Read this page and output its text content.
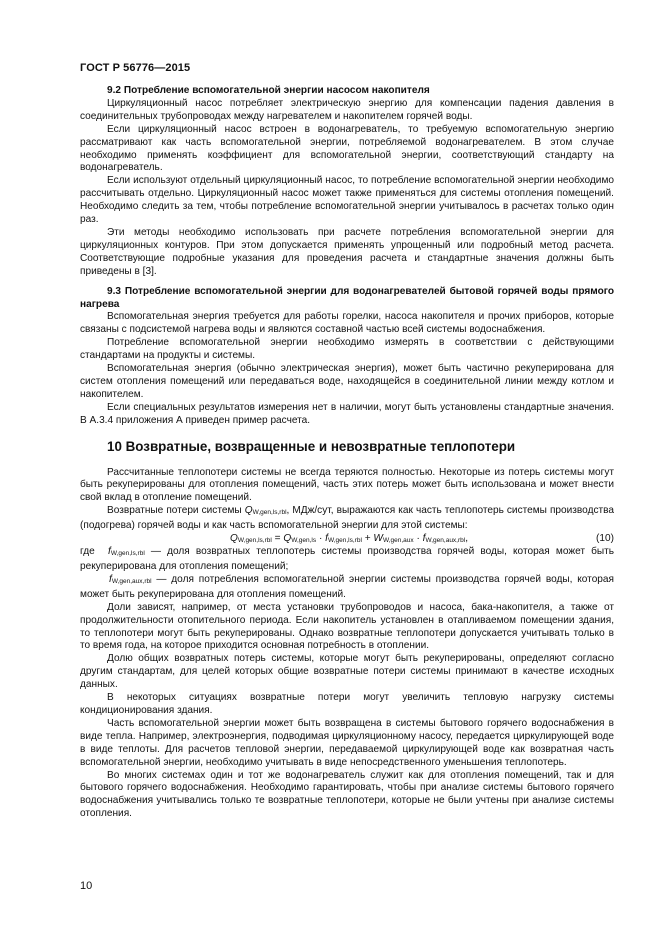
ГОСТ Р 56776—2015
9.2 Потребление вспомогательной энергии насосом накопителя

Циркуляционный насос потребляет электрическую энергию для компенсации падения давления в соединительных трубопроводах между нагревателем и накопителем горячей воды.

Если циркуляционный насос встроен в водонагреватель, то требуемую вспомогательную энергию рассматривают как часть вспомогательной энергии, потребляемой водонагревателем. В этом случае необходимо применять коэффициент для вспомогательной энергии, соответствующий стандарту на водонагреватель.

Если используют отдельный циркуляционный насос, то потребление вспомогательной энергии необходимо рассчитывать отдельно. Циркуляционный насос может также применяться для системы отопления помещений. Необходимо следить за тем, чтобы потребление вспомогательной энергии учитывалось в расчетах только один раз.

Эти методы необходимо использовать при расчете потребления вспомогательной энергии для циркуляционных контуров. При этом допускается применять упрощенный или подробный метод расчета. Соответствующие подробные указания для проведения расчета и стандартные значения должны быть приведены в [3].

9.3 Потребление вспомогательной энергии для водонагревателей бытовой горячей воды прямого нагрева

Вспомогательная энергия требуется для работы горелки, насоса накопителя и прочих приборов, которые связаны с подсистемой нагрева воды и являются составной частью всей системы водоснабжения.

Потребление вспомогательной энергии необходимо измерять в соответствии с действующими стандартами на продукты и системы.

Вспомогательная энергия (обычно электрическая энергия), может быть частично рекуперирована для систем отопления помещений или передаваться воде, находящейся в соединительной линии между котлом и накопителем.

Если специальных результатов измерения нет в наличии, могут быть установлены стандартные значения. В А.3.4 приложения А приведен пример расчета.

10 Возвратные, возвращенные и невозвратные теплопотери

Рассчитанные теплопотери системы не всегда теряются полностью. Некоторые из потерь системы могут быть рекуперированы для отопления помещений, часть этих потерь может быть использована и может внести свой вклад в отопление помещений.

Возвратные потери системы $Q_{W,gen,ls,rbl}$, МДж/сут, выражаются как часть теплопотерь системы производства (подогрева) горячей воды и как часть вспомогательной энергии для этой системы:

$Q_{W,gen,ls,rbl} = Q_{W,gen,ls} \cdot f_{W,gen,ls,rbl} + W_{W,gen,aux} \cdot f_{W,gen,aux,rbl}$,	(10)
где $f_{W,gen,ls,rbl}$ — доля возвратных теплопотерь системы производства горячей воды, которая может быть рекуперирована для отопления помещений;
$f_{W,gen,aux,rbl}$ — доля потребления вспомогательной энергии системы производства горячей воды, которая может быть рекуперирована для отопления помещений.

Доли зависят, например, от места установки трубопроводов и насоса, бака-накопителя, а также от продолжительности отопительного периода. Если накопитель установлен в отапливаемом помещении здания, то теплопотери могут быть рекуперированы. Однако возвратные теплопотери допускается учитывать только в то время года, на которое приходится основная потребность в отоплении.

Долю общих возвратных потерь системы, которые могут быть рекуперированы, определяют согласно другим стандартам, для целей которых общие возвратные потери системы принимают в качестве исходных данных.

В некоторых ситуациях возвратные потери могут увеличить тепловую нагрузку системы кондиционирования здания.

Часть вспомогательной энергии может быть возвращена в системы бытового горячего водоснабжения в виде тепла. Например, электроэнергия, подводимая циркуляционному насосу, передается циркулирующей воде в виде теплоты. Для расчетов тепловой энергии, передаваемой циркулирующей воде как возвратная часть вспомогательной энергии, необходимо учитывать в виде непосредственного уменьшения теплопотерь.

Во многих системах один и тот же водонагреватель служит как для отопления помещений, так и для бытового горячего водоснабжения. Необходимо гарантировать, чтобы при анализе системы бытового горячего водоснабжения учитывались только те возвратные теплопотери, которые не были учтены при анализе системы отопления.

10
